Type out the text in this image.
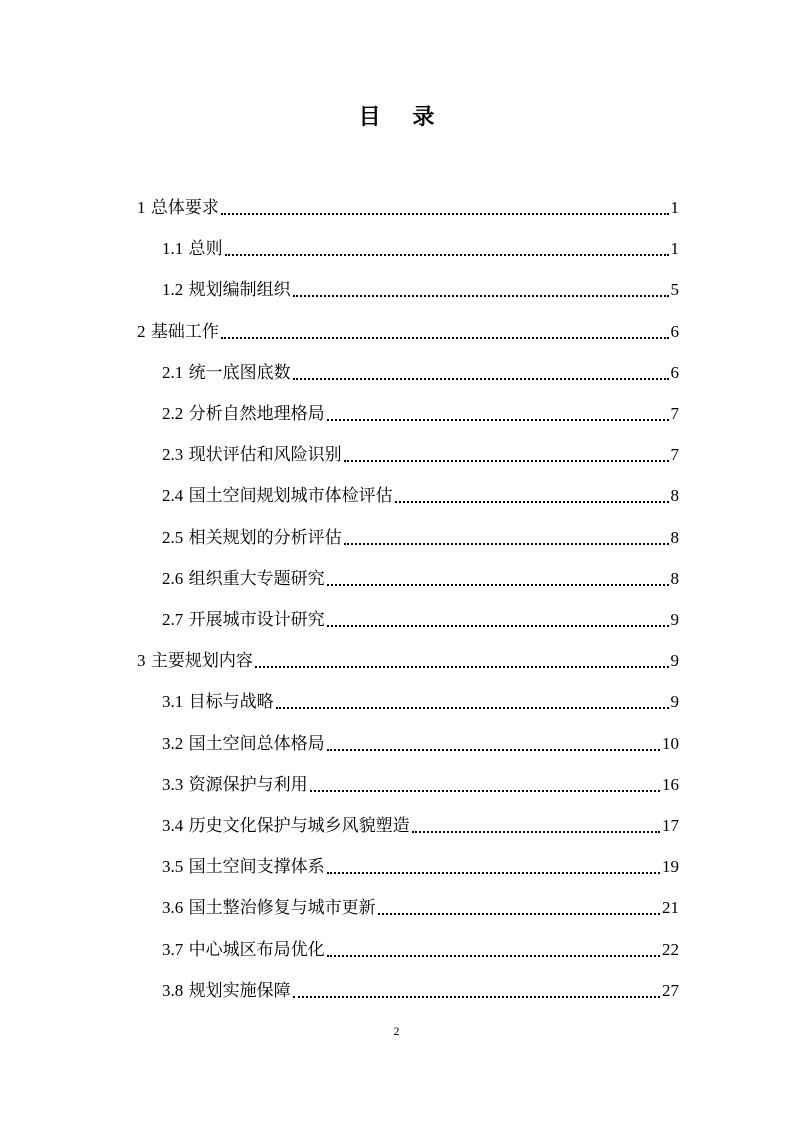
目 录
1 总体要求	1
1.1 总则	1
1.2 规划编制组织	5
2 基础工作	6
2.1 统一底图底数	6
2.2 分析自然地理格局	7
2.3 现状评估和风险识别	7
2.4 国土空间规划城市体检评估	8
2.5 相关规划的分析评估	8
2.6 组织重大专题研究	8
2.7 开展城市设计研究	9
3 主要规划内容	9
3.1 目标与战略	9
3.2 国土空间总体格局	10
3.3 资源保护与利用	16
3.4 历史文化保护与城乡风貌塑造	17
3.5 国土空间支撑体系	19
3.6 国土整治修复与城市更新	21
3.7 中心城区布局优化	22
3.8 规划实施保障	27
2
